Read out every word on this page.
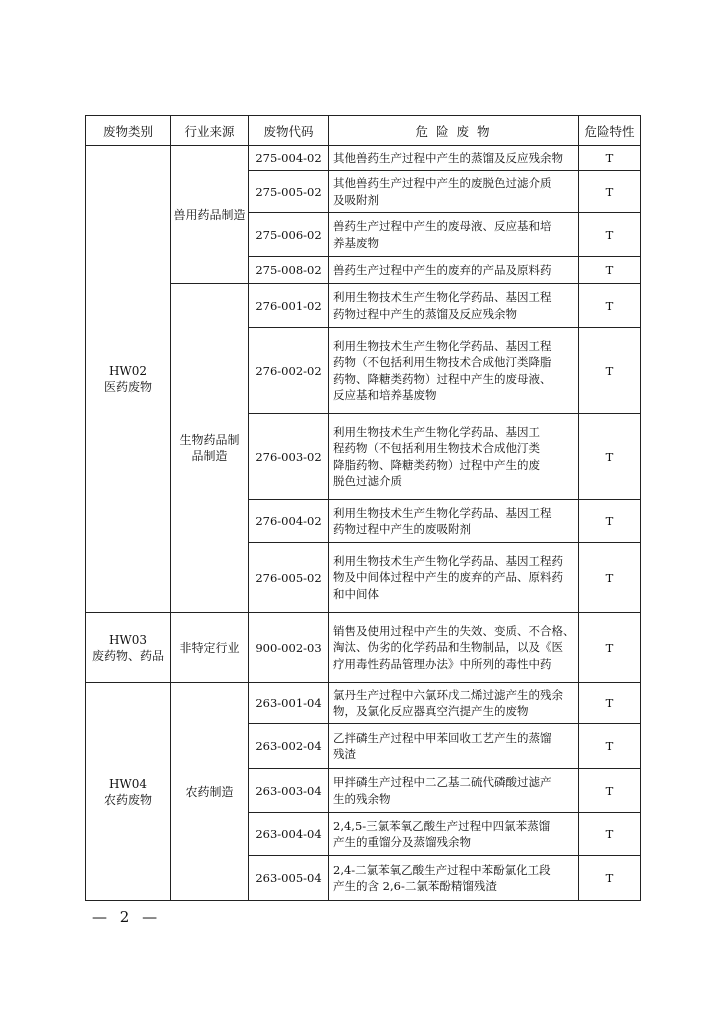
废物类别	行业来源	废物代码	危 险 废 物	危险特性

HW02
医药废物	兽用药品制造	275-004-02	其他兽药生产过程中产生的蒸馏及反应残余物	T
		275-005-02	其他兽药生产过程中产生的废脱色过滤介质
及吸附剂	T
		275-006-02	兽药生产过程中产生的废母液、反应基和培
养基废物	T
		275-008-02	兽药生产过程中产生的废弃的产品及原料药	T

	生物药品制
品制造	276-001-02	利用生物技术生产生物化学药品、基因工程
药物过程中产生的蒸馏及反应残余物	T
		276-002-02	利用生物技术生产生物化学药品、基因工程
药物（不包括利用生物技术合成他汀类降脂
药物、降糖类药物）过程中产生的废母液、
反应基和培养基废物	T
		276-003-02	利用生物技术生产生物化学药品、基因工
程药物（不包括利用生物技术合成他汀类
降脂药物、降糖类药物）过程中产生的废
脱色过滤介质	T
		276-004-02	利用生物技术生产生物化学药品、基因工程
药物过程中产生的废吸附剂	T
		276-005-02	利用生物技术生产生物化学药品、基因工程药
物及中间体过程中产生的废弃的产品、原料药
和中间体	T

HW03
废药物、药品	非特定行业	900-002-03	销售及使用过程中产生的失效、变质、不合格、
淘汰、伪劣的化学药品和生物制品，以及《医
疗用毒性药品管理办法》中所列的毒性中药	T

HW04
农药废物	农药制造	263-001-04	氯丹生产过程中六氯环戊二烯过滤产生的残余
物，及氯化反应器真空汽提产生的废物	T
		263-002-04	乙拌磷生产过程中甲苯回收工艺产生的蒸馏
残渣	T
		263-003-04	甲拌磷生产过程中二乙基二硫代磷酸过滤产
生的残余物	T
		263-004-04	2,4,5-三氯苯氧乙酸生产过程中四氯苯蒸馏
产生的重馏分及蒸馏残余物	T
		263-005-04	2,4-二氯苯氧乙酸生产过程中苯酚氯化工段
产生的含 2,6-二氯苯酚精馏残渣	T
— 2 —
